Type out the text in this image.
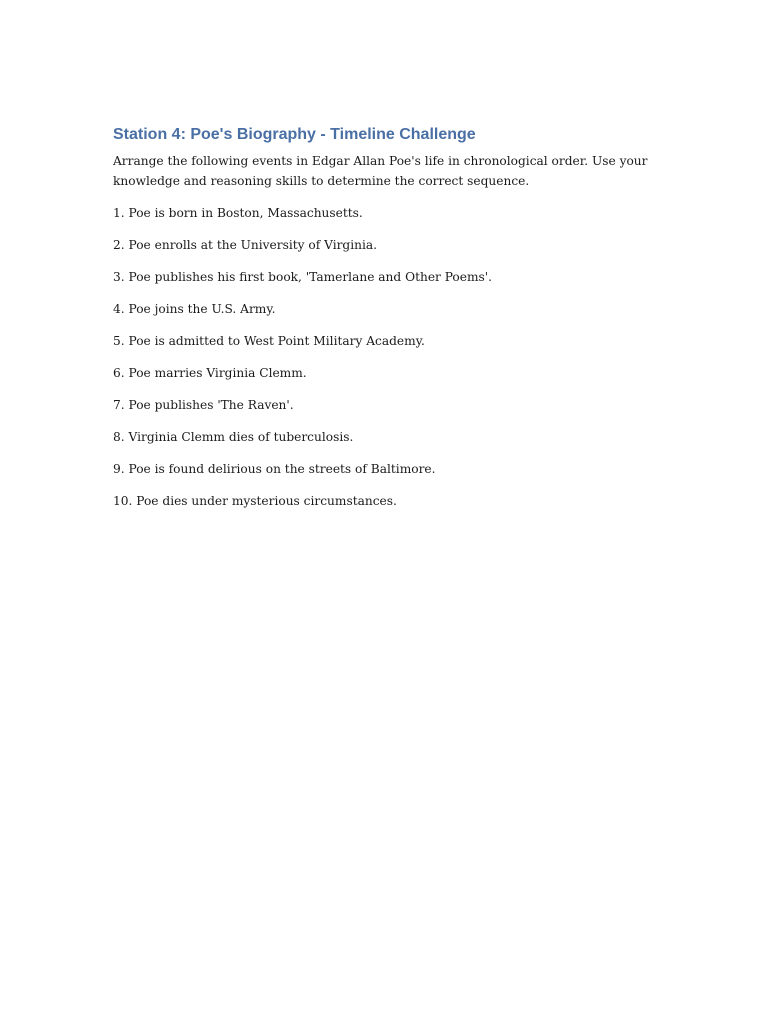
Station 4: Poe's Biography - Timeline Challenge

Arrange the following events in Edgar Allan Poe's life in chronological order. Use your knowledge and reasoning skills to determine the correct sequence.

1. Poe is born in Boston, Massachusetts.
2. Poe enrolls at the University of Virginia.
3. Poe publishes his first book, 'Tamerlane and Other Poems'.
4. Poe joins the U.S. Army.
5. Poe is admitted to West Point Military Academy.
6. Poe marries Virginia Clemm.
7. Poe publishes 'The Raven'.
8. Virginia Clemm dies of tuberculosis.
9. Poe is found delirious on the streets of Baltimore.
10. Poe dies under mysterious circumstances.
